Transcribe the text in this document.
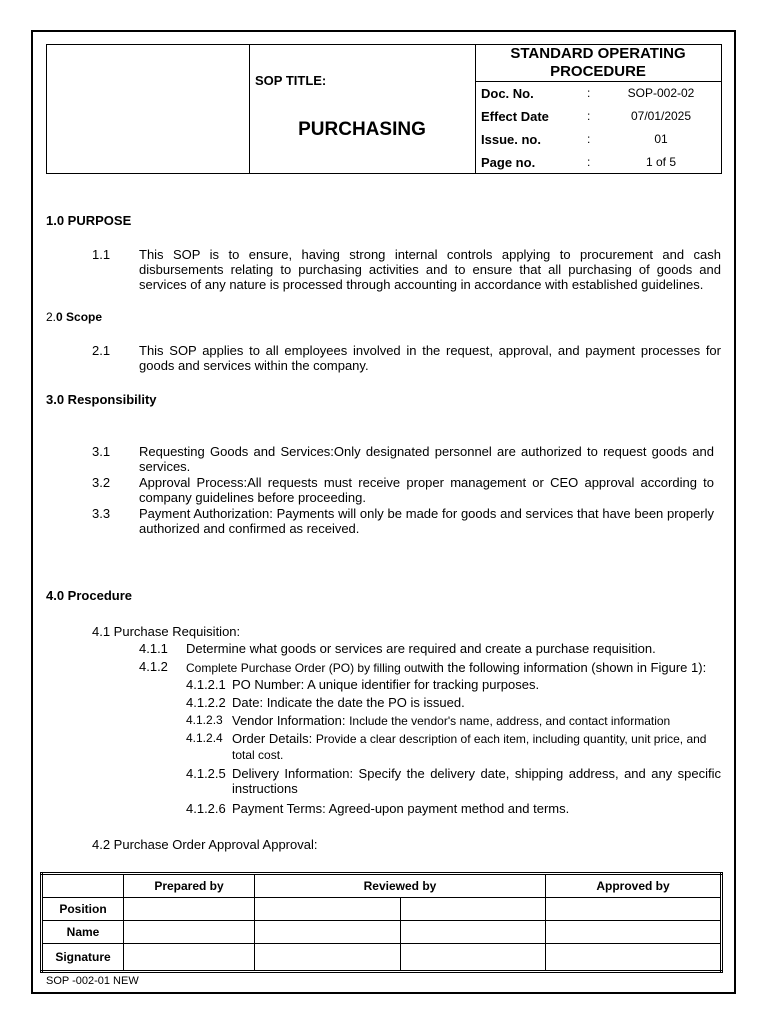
SOP TITLE:
PURCHASING
STANDARD OPERATING
PROCEDURE
Doc. No.	:	SOP-002-02
Effect Date	:	07/01/2025
Issue. no.	:	01
Page no.	:	1 of 5
1.0 PURPOSE
1.1 This SOP is to ensure, having strong internal controls applying to procurement and cash disbursements relating to purchasing activities and to ensure that all purchasing of goods and services of any nature is processed through accounting in accordance with established guidelines.
2.0 Scope
2.1 This SOP applies to all employees involved in the request, approval, and payment processes for goods and services within the company.
3.0 Responsibility
3.1 Requesting Goods and Services:Only designated personnel are authorized to request goods and services.
3.2 Approval Process:All requests must receive proper management or CEO approval according to company guidelines before proceeding.
3.3 Payment Authorization: Payments will only be made for goods and services that have been properly authorized and confirmed as received.
4.0 Procedure
4.1 Purchase Requisition:
4.1.1 Determine what goods or services are required and create a purchase requisition.
4.1.2 Complete Purchase Order (PO) by filling outwith the following information (shown in Figure 1):
4.1.2.1 PO Number: A unique identifier for tracking purposes.
4.1.2.2 Date: Indicate the date the PO is issued.
4.1.2.3 Vendor Information: Include the vendor's name, address, and contact information
4.1.2.4 Order Details: Provide a clear description of each item, including quantity, unit price, and total cost.
4.1.2.5 Delivery Information: Specify the delivery date, shipping address, and any specific instructions
4.1.2.6 Payment Terms: Agreed-upon payment method and terms.
4.2 Purchase Order Approval Approval:
	Prepared by	Reviewed by		Approved by
Position				
Name				
Signature				
SOP -002-01 NEW
